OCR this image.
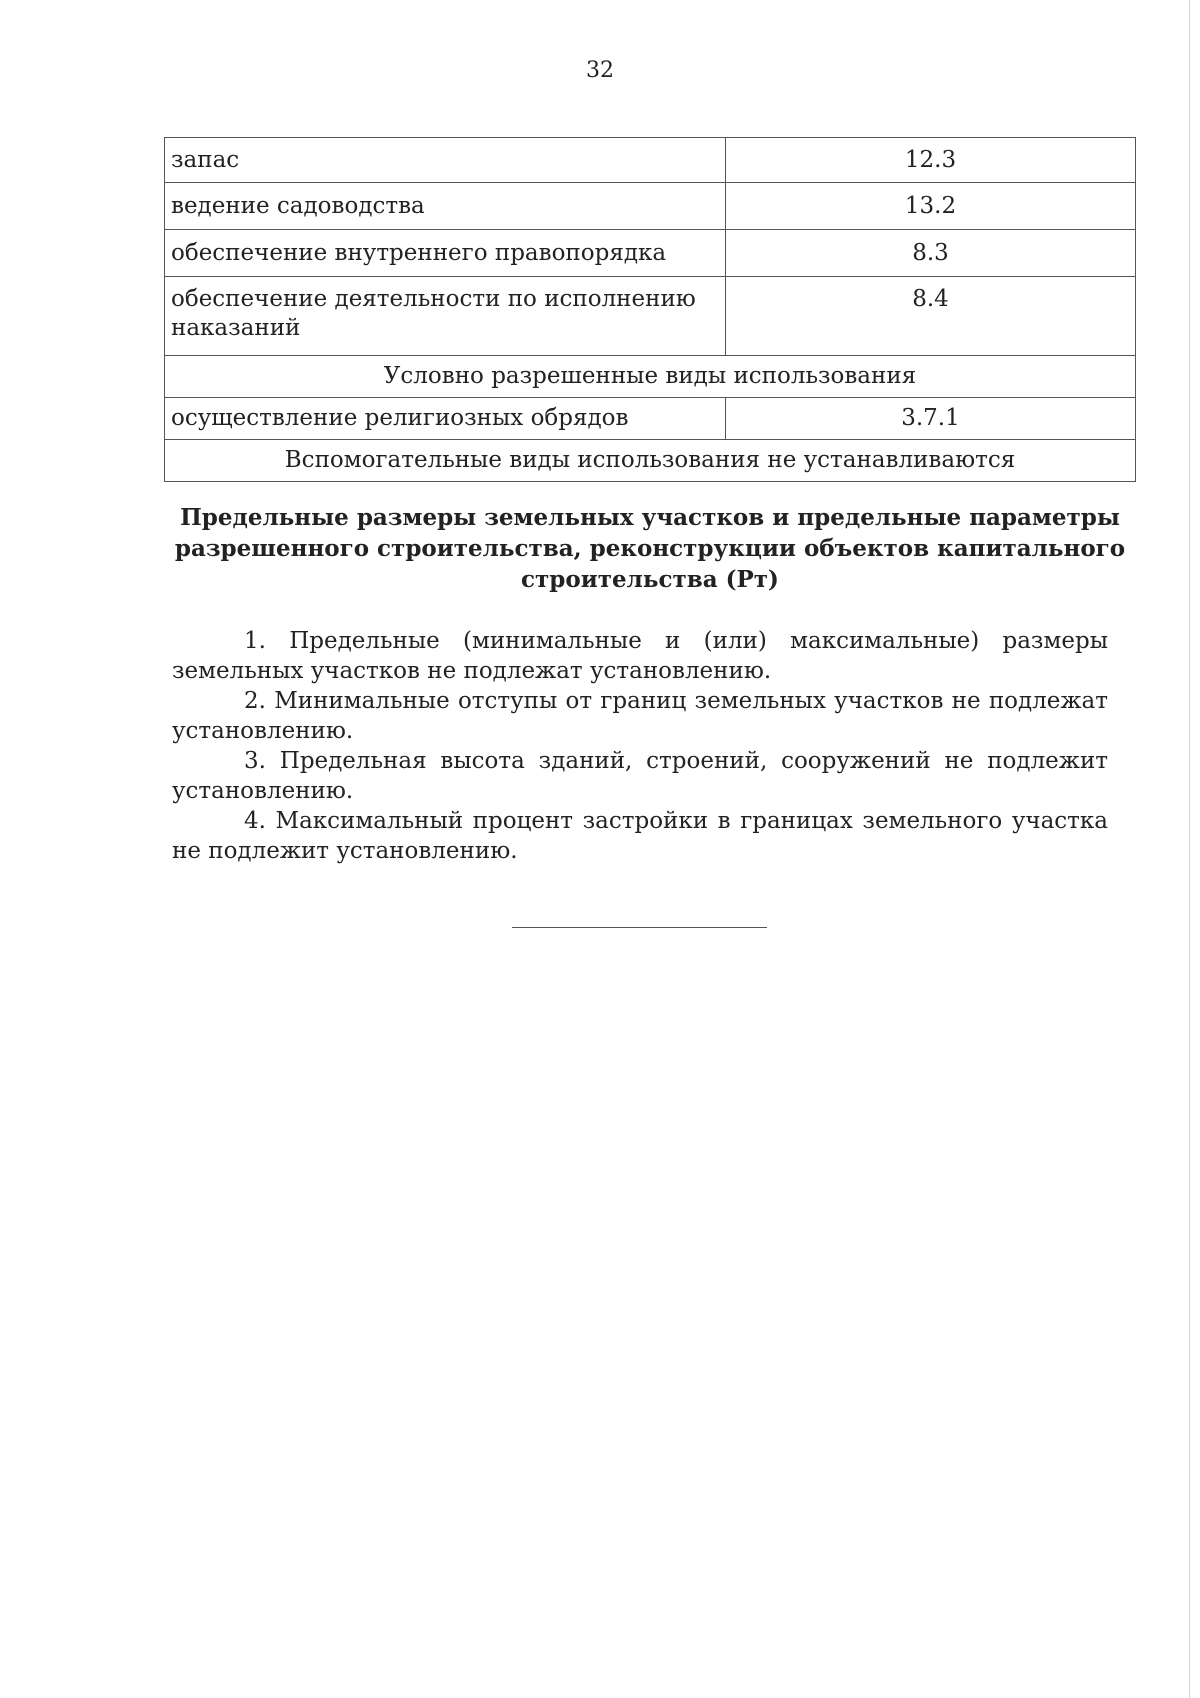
32
запас	12.3
ведение садоводства	13.2
обеспечение внутреннего правопорядка	8.3
обеспечение деятельности по исполнению наказаний	8.4
Условно разрешенные виды использования	
осуществление религиозных обрядов	3.7.1
Вспомогательные виды использования не устанавливаются	
Предельные размеры земельных участков и предельные параметры
разрешенного строительства, реконструкции объектов капитального
строительства (Рт)

1. Предельные (минимальные и (или) максимальные) размеры земельных участков не подлежат установлению.

2. Минимальные отступы от границ земельных участков не подлежат установлению.

3. Предельная высота зданий, строений, сооружений не подлежит установлению.

4. Максимальный процент застройки в границах земельного участка не подлежит установлению.
